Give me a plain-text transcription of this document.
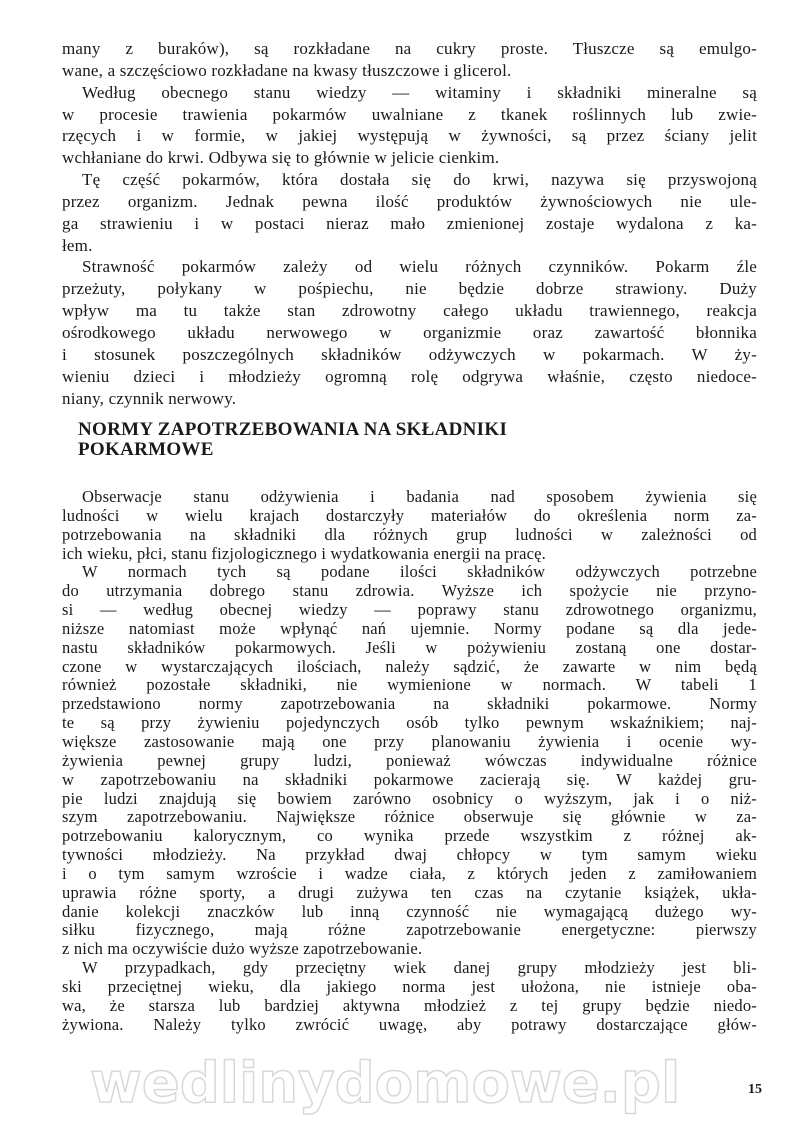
many z buraków), są rozkładane na cukry proste. Tłuszcze są emulgo-
wane, a szczęściowo rozkładane na kwasy tłuszczowe i glicerol.
Według obecnego stanu wiedzy — witaminy i składniki mineralne są
w procesie trawienia pokarmów uwalniane z tkanek roślinnych lub zwie-
rzęcych i w formie, w jakiej występują w żywności, są przez ściany jelit
wchłaniane do krwi. Odbywa się to głównie w jelicie cienkim.
Tę część pokarmów, która dostała się do krwi, nazywa się przyswojoną
przez organizm. Jednak pewna ilość produktów żywnościowych nie ule-
ga strawieniu i w postaci nieraz mało zmienionej zostaje wydalona z ka-
łem.
Strawność pokarmów zależy od wielu różnych czynników. Pokarm źle
przeżuty, połykany w pośpiechu, nie będzie dobrze strawiony. Duży
wpływ ma tu także stan zdrowotny całego układu trawiennego, reakcja
ośrodkowego układu nerwowego w organizmie oraz zawartość błonnika
i stosunek poszczególnych składników odżywczych w pokarmach. W ży-
wieniu dzieci i młodzieży ogromną rolę odgrywa właśnie, często niedoce-
niany, czynnik nerwowy.
NORMY ZAPOTRZEBOWANIA NA SKŁADNIKI
POKARMOWE
Obserwacje stanu odżywienia i badania nad sposobem żywienia się
ludności w wielu krajach dostarczyły materiałów do określenia norm za-
potrzebowania na składniki dla różnych grup ludności w zależności od
ich wieku, płci, stanu fizjologicznego i wydatkowania energii na pracę.
W normach tych są podane ilości składników odżywczych potrzebne
do utrzymania dobrego stanu zdrowia. Wyższe ich spożycie nie przyno-
si — według obecnej wiedzy — poprawy stanu zdrowotnego organizmu,
niższe natomiast może wpłynąć nań ujemnie. Normy podane są dla jede-
nastu składników pokarmowych. Jeśli w pożywieniu zostaną one dostar-
czone w wystarczających ilościach, należy sądzić, że zawarte w nim będą
również pozostałe składniki, nie wymienione w normach. W tabeli 1
przedstawiono normy zapotrzebowania na składniki pokarmowe. Normy
te są przy żywieniu pojedynczych osób tylko pewnym wskaźnikiem; naj-
większe zastosowanie mają one przy planowaniu żywienia i ocenie wy-
żywienia pewnej grupy ludzi, ponieważ wówczas indywidualne różnice
w zapotrzebowaniu na składniki pokarmowe zacierają się. W każdej gru-
pie ludzi znajdują się bowiem zarówno osobnicy o wyższym, jak i o niż-
szym zapotrzebowaniu. Największe różnice obserwuje się głównie w za-
potrzebowaniu kalorycznym, co wynika przede wszystkim z różnej ak-
tywności młodzieży. Na przykład dwaj chłopcy w tym samym wieku
i o tym samym wzroście i wadze ciała, z których jeden z zamiłowaniem
uprawia różne sporty, a drugi zużywa ten czas na czytanie książek, ukła-
danie kolekcji znaczków lub inną czynność nie wymagającą dużego wy-
siłku fizycznego, mają różne zapotrzebowanie energetyczne: pierwszy
z nich ma oczywiście dużo wyższe zapotrzebowanie.
W przypadkach, gdy przeciętny wiek danej grupy młodzieży jest bli-
ski przeciętnej wieku, dla jakiego norma jest ułożona, nie istnieje oba-
wa, że starsza lub bardziej aktywna młodzież z tej grupy będzie niedo-
żywiona. Należy tylko zwrócić uwagę, aby potrawy dostarczające głów-
wedlinydomowe.pl	15
